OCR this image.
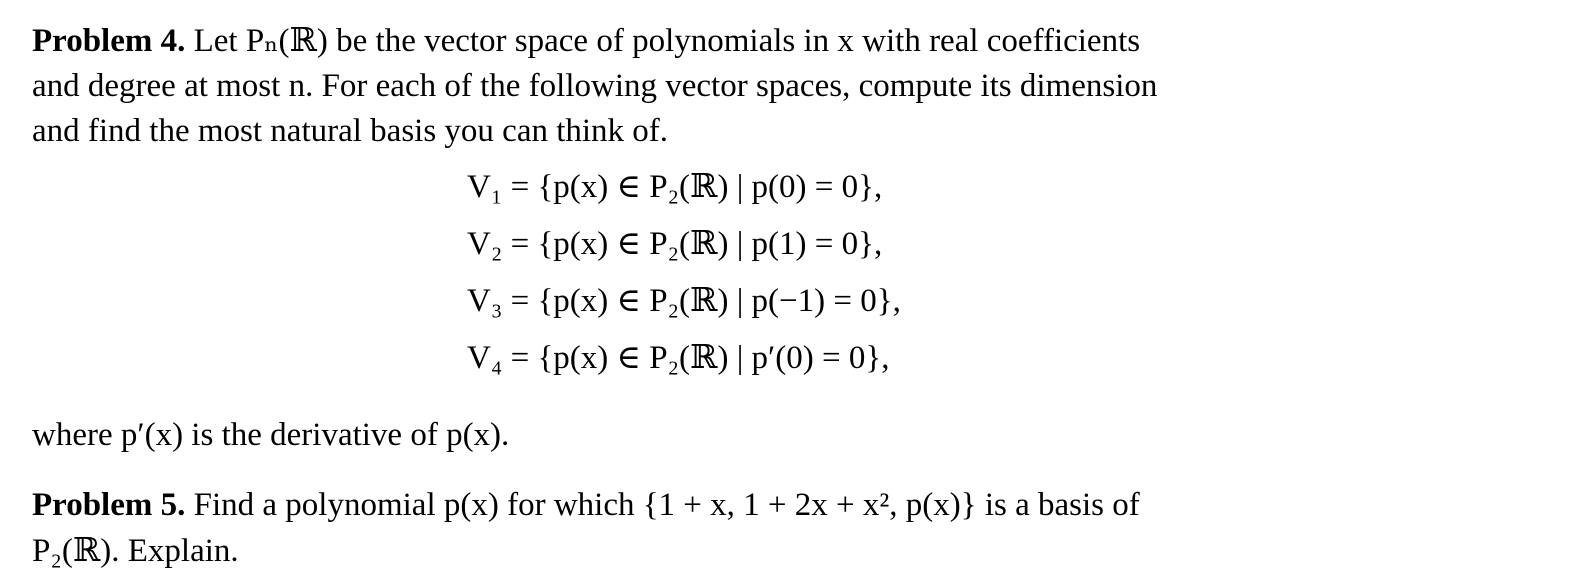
Problem 4. Let Pₙ(ℝ) be the vector space of polynomials in x with real coefficients
and degree at most n. For each of the following vector spaces, compute its dimension
and find the most natural basis you can think of.
V₁ = {p(x) ∈ P₂(ℝ) | p(0) = 0},
V₂ = {p(x) ∈ P₂(ℝ) | p(1) = 0},
V₃ = {p(x) ∈ P₂(ℝ) | p(−1) = 0},
V₄ = {p(x) ∈ P₂(ℝ) | p′(0) = 0},
where p′(x) is the derivative of p(x).
Problem 5. Find a polynomial p(x) for which {1 + x, 1 + 2x + x², p(x)} is a basis of
P₂(ℝ). Explain.
